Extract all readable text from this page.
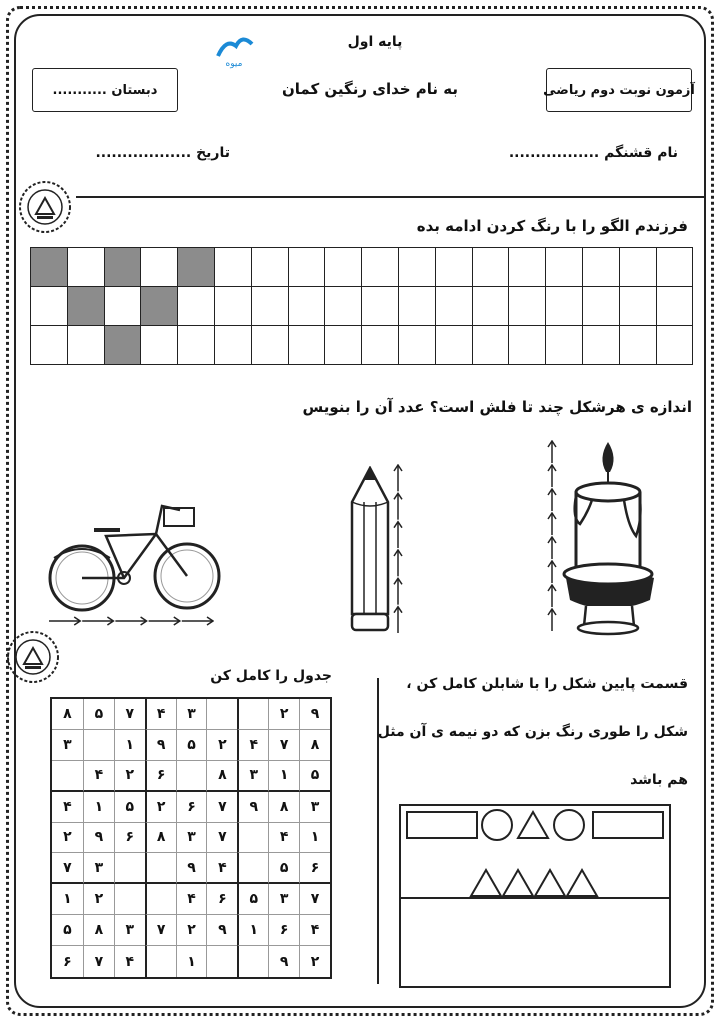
پایه اول
میوه
به نام خدای رنگین کمان	آزمون نوبت دوم ریاضی
دبستان ...........
نام قشنگم .................
تاریخ ..................
فرزندم الگو را با رنگ کردن ادامه بده
اندازه ی هرشکل چند تا فلش است؟ عدد آن را بنویس
جدول را کامل کن
۹
۲
۳
۴
۷
۵
۸
۸
۷
۴
۲
۵
۹
۱
۳
۵
۱
۳
۸
۶
۲
۴
۳
۸
۹
۷
۶
۲
۵
۱
۴
۱
۴
۷
۳
۸
۶
۹
۲
۶
۵
۴
۹
۳
۷
۷
۳
۵
۶
۴
۲
۱
۴
۶
۱
۹
۲
۷
۳
۸
۵
۲
۹
۱
۴
۷
۶
قسمت پایین شکل را با شابلن کامل کن ،
شکل را طوری رنگ بزن که دو نیمه ی آن مثل
هم باشد
